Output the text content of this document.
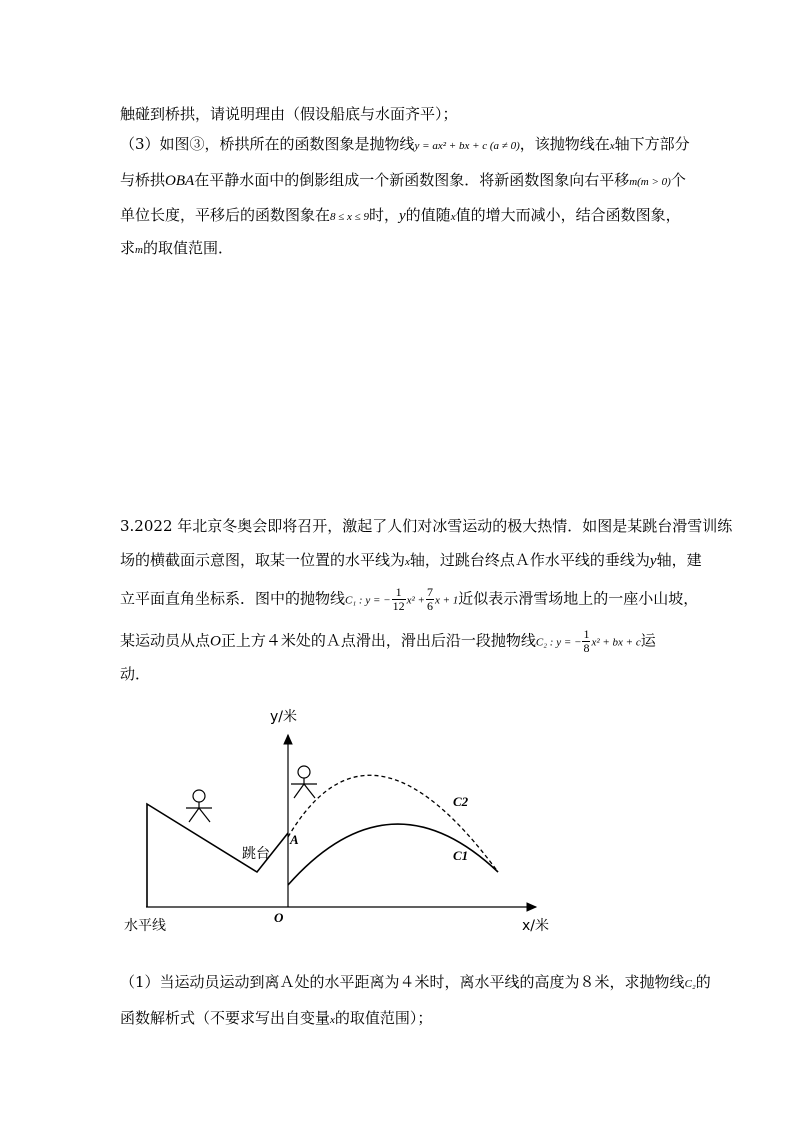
触碰到桥拱，请说明理由（假设船底与水面齐平）；
（3）如图③，桥拱所在的函数图象是抛物线y = ax² + bx + c (a ≠ 0)，该抛物线在x轴下方部分
与桥拱OBA在平静水面中的倒影组成一个新函数图象．将新函数图象向右平移m(m > 0)个
单位长度，平移后的函数图象在8 ≤ x ≤ 9时，y的值随x值的增大而减小，结合函数图象，
求m的取值范围．
3.2022 年北京冬奥会即将召开，激起了人们对冰雪运动的极大热情．如图是某跳台滑雪训练
场的横截面示意图，取某一位置的水平线为x轴，过跳台终点Ａ作水平线的垂线为y轴，建
立平面直角坐标系．图中的抛物线C₁ : y = − $\frac{1}{12} x^2 + \frac{7}{6}$ x + 1近似表示滑雪场地上的一座小山坡，
某运动员从点O正上方４米处的Ａ点滑出，滑出后沿一段抛物线C₂ : y = − $\frac{1}{8} x^2$ + bx + c运
动．
y/米
x/米
O
A
跳台
水平线
C1
C2
（1）当运动员运动到离Ａ处的水平距离为４米时，离水平线的高度为８米，求抛物线C₂的
函数解析式（不要求写出自变量x的取值范围）；
